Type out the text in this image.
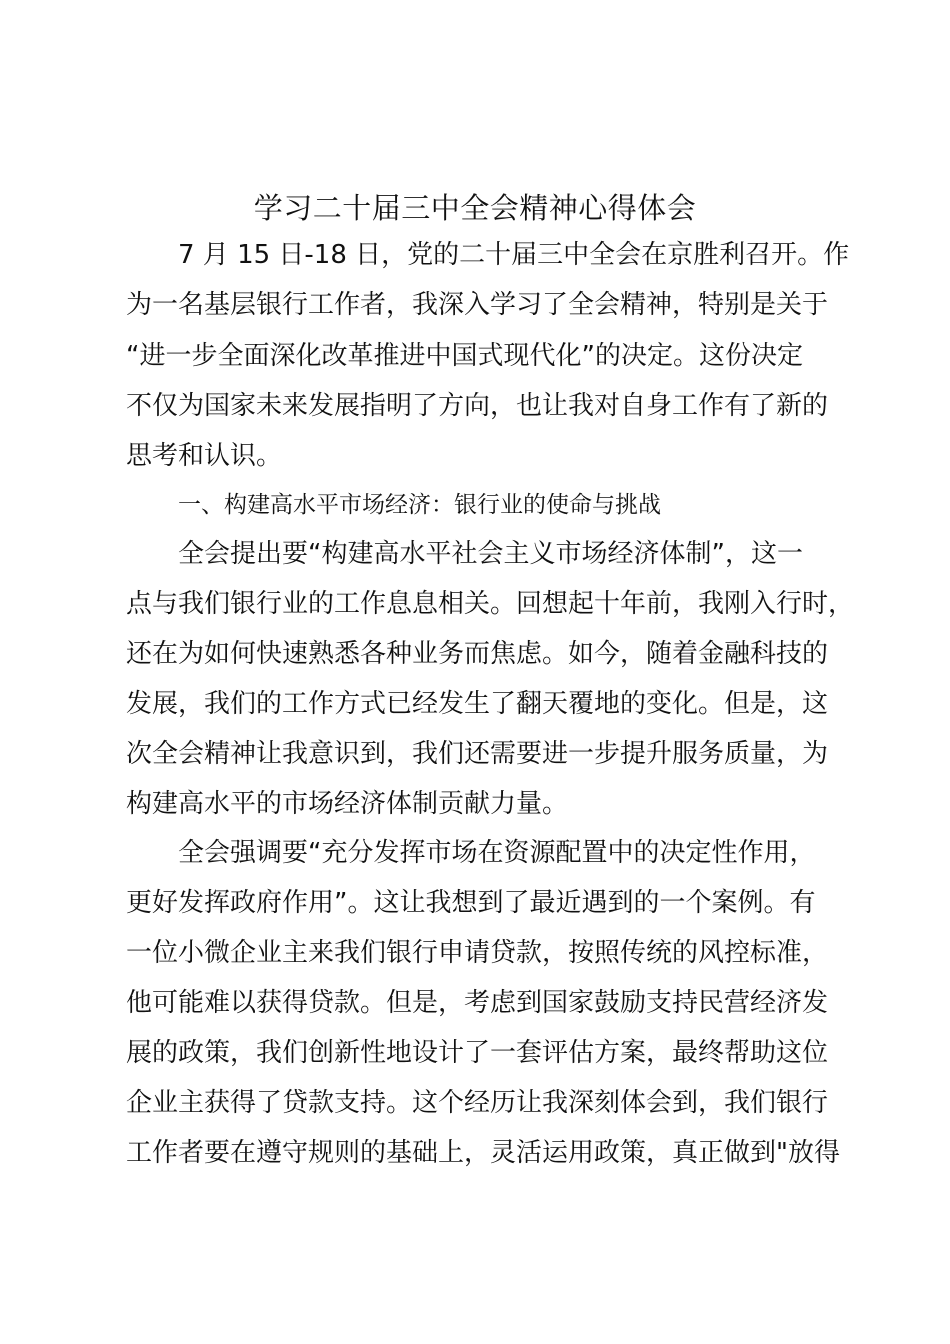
学习二十届三中全会精神心得体会
7 月 15 日-18 日，党的二十届三中全会在京胜利召开。作
为一名基层银行工作者，我深入学习了全会精神，特别是关于
“进一步全面深化改革推进中国式现代化”的决定。这份决定
不仅为国家未来发展指明了方向，也让我对自身工作有了新的
思考和认识。
一、构建高水平市场经济：银行业的使命与挑战
全会提出要“构建高水平社会主义市场经济体制”，这一
点与我们银行业的工作息息相关。回想起十年前，我刚入行时，
还在为如何快速熟悉各种业务而焦虑。如今，随着金融科技的
发展，我们的工作方式已经发生了翻天覆地的变化。但是，这
次全会精神让我意识到，我们还需要进一步提升服务质量，为
构建高水平的市场经济体制贡献力量。
全会强调要“充分发挥市场在资源配置中的决定性作用，
更好发挥政府作用”。这让我想到了最近遇到的一个案例。有
一位小微企业主来我们银行申请贷款，按照传统的风控标准，
他可能难以获得贷款。但是，考虑到国家鼓励支持民营经济发
展的政策，我们创新性地设计了一套评估方案，最终帮助这位
企业主获得了贷款支持。这个经历让我深刻体会到，我们银行
工作者要在遵守规则的基础上，灵活运用政策，真正做到"放得
